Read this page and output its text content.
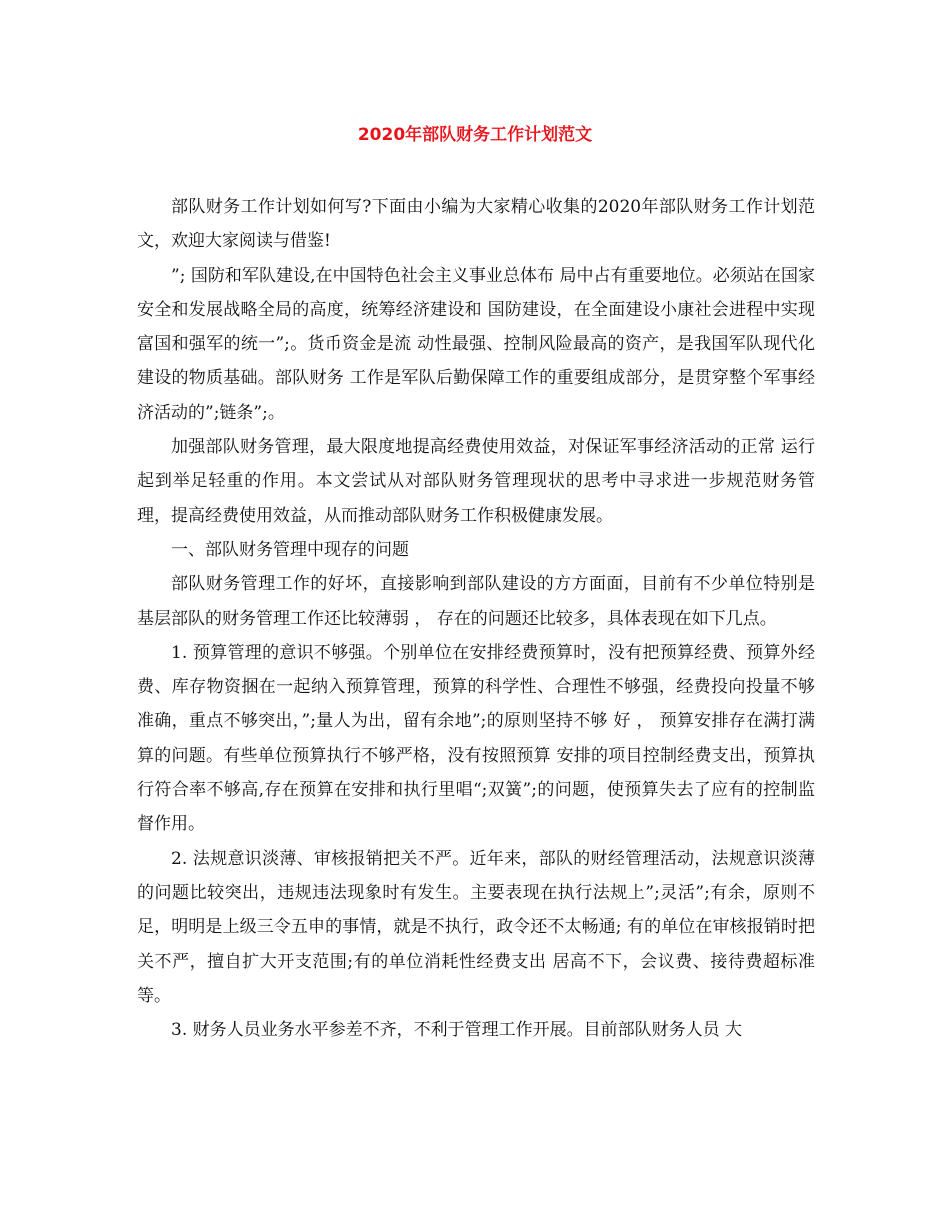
2020年部队财务工作计划范文

部队财务工作计划如何写?下面由小编为大家精心收集的2020年部队财务工作计划范文，欢迎大家阅读与借鉴!

”; 国防和军队建设,在中国特色社会主义事业总体布 局中占有重要地位。必须站在国家安全和发展战略全局的高度，统筹经济建设和 国防建设，在全面建设小康社会进程中实现富国和强军的统一”;。货币资金是流 动性最强、控制风险最高的资产，是我国军队现代化建设的物质基础。部队财务 工作是军队后勤保障工作的重要组成部分，是贯穿整个军事经济活动的”;链条”;。

加强部队财务管理，最大限度地提高经费使用效益，对保证军事经济活动的正常 运行起到举足轻重的作用。本文尝试从对部队财务管理现状的思考中寻求进一步规范财务管理，提高经费使用效益，从而推动部队财务工作积极健康发展。

一、部队财务管理中现存的问题

部队财务管理工作的好坏，直接影响到部队建设的方方面面，目前有不少单位特别是基层部队的财务管理工作还比较薄弱 ， 存在的问题还比较多，具体表现在如下几点。

1. 预算管理的意识不够强。个别单位在安排经费预算时，没有把预算经费、预算外经费、库存物资捆在一起纳入预算管理，预算的科学性、合理性不够强，经费投向投量不够准确，重点不够突出，”;量人为出，留有余地”;的原则坚持不够 好 ， 预算安排存在满打满算的问题。有些单位预算执行不够严格，没有按照预算 安排的项目控制经费支出，预算执行符合率不够高,存在预算在安排和执行里唱“;双簧”;的问题，使预算失去了应有的控制监督作用。

2. 法规意识淡薄、审核报销把关不严。近年来，部队的财经管理活动，法规意识淡薄的问题比较突出，违规违法现象时有发生。主要表现在执行法规上”;灵活”;有余，原则不足，明明是上级三令五申的事情，就是不执行，政令还不太畅通; 有的单位在审核报销时把关不严，擅自扩大开支范围;有的单位消耗性经费支出 居高不下，会议费、接待费超标准等。

3. 财务人员业务水平参差不齐，不利于管理工作开展。目前部队财务人员 大
